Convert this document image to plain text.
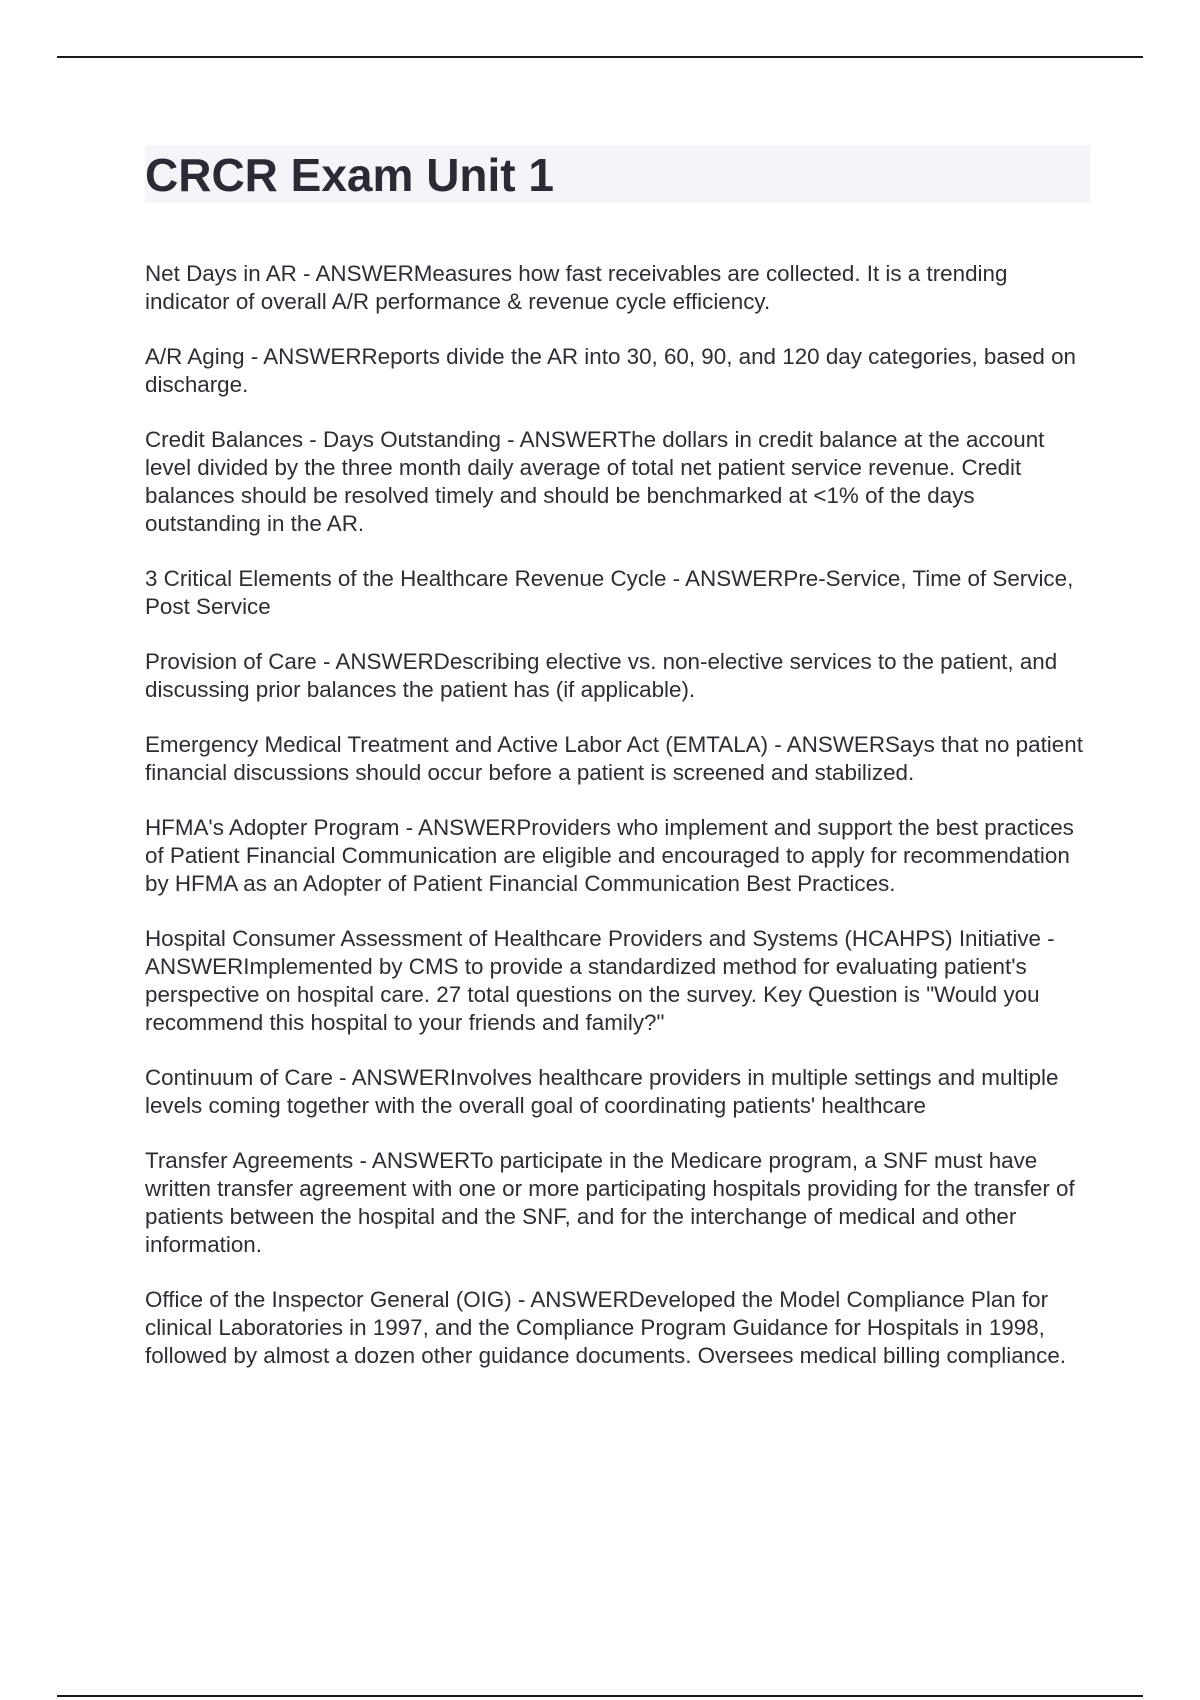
CRCR Exam Unit 1

Net Days in AR - ANSWERMeasures how fast receivables are collected. It is a trending indicator of overall A/R performance & revenue cycle efficiency.

A/R Aging - ANSWERReports divide the AR into 30, 60, 90, and 120 day categories, based on discharge.

Credit Balances - Days Outstanding - ANSWERThe dollars in credit balance at the account level divided by the three month daily average of total net patient service revenue. Credit balances should be resolved timely and should be benchmarked at <1% of the days outstanding in the AR.

3 Critical Elements of the Healthcare Revenue Cycle - ANSWERPre-Service, Time of Service, Post Service

Provision of Care - ANSWERDescribing elective vs. non-elective services to the patient, and discussing prior balances the patient has (if applicable).

Emergency Medical Treatment and Active Labor Act (EMTALA) - ANSWERSays that no patient financial discussions should occur before a patient is screened and stabilized.

HFMA's Adopter Program - ANSWERProviders who implement and support the best practices of Patient Financial Communication are eligible and encouraged to apply for recommendation by HFMA as an Adopter of Patient Financial Communication Best Practices.

Hospital Consumer Assessment of Healthcare Providers and Systems (HCAHPS) Initiative - ANSWERImplemented by CMS to provide a standardized method for evaluating patient's perspective on hospital care. 27 total questions on the survey. Key Question is "Would you recommend this hospital to your friends and family?"

Continuum of Care - ANSWERInvolves healthcare providers in multiple settings and multiple levels coming together with the overall goal of coordinating patients' healthcare

Transfer Agreements - ANSWERTo participate in the Medicare program, a SNF must have written transfer agreement with one or more participating hospitals providing for the transfer of patients between the hospital and the SNF, and for the interchange of medical and other information.

Office of the Inspector General (OIG) - ANSWERDeveloped the Model Compliance Plan for clinical Laboratories in 1997, and the Compliance Program Guidance for Hospitals in 1998, followed by almost a dozen other guidance documents. Oversees medical billing compliance.
